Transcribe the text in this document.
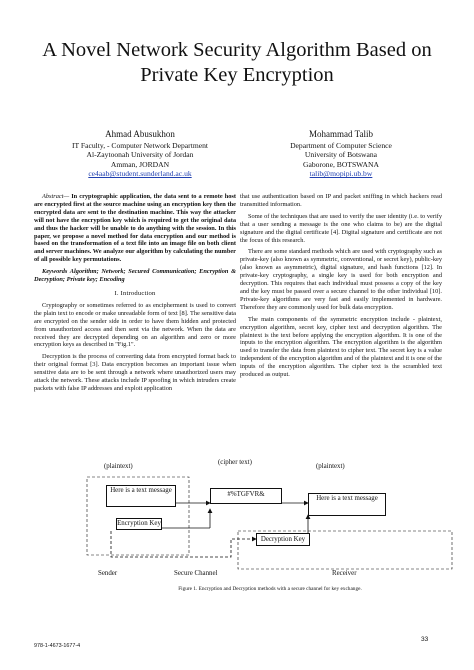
A Novel Network Security Algorithm Based on Private Key Encryption
Ahmad Abusukhon
IT Faculty, - Computer Network Department
Al-Zaytoonah University of Jordan
Amman, JORDAN
ce4aab@student.sunderland.ac.uk
Mohammad Talib
Department of Computer Science
University of Botswana
Gaborone, BOTSWANA
talib@mopipi.ub.bw

Abstract— In cryptographic application, the data sent to a remote host are encrypted first at the source machine using an encryption key then the encrypted data are sent to the destination machine. This way the attacker will not have the encryption key which is required to get the original data and thus the hacker will be unable to do anything with the session. In this paper, we propose a novel method for data encryption and our method is based on the transformation of a text file into an image file on both client and server machines. We analyze our algorithm by calculating the number of all possible key permutations.

Keywords Algorithm; Network; Secured Communication; Encryption & Decryption; Private key; Encoding

I. Introduction

Cryptography or sometimes referred to as encipherment is used to convert the plain text to encode or make unreadable form of text [8]. The sensitive data are encrypted on the sender side in order to have them hidden and protected from unauthorized access and then sent via the network. When the data are received they are decrypted depending on an algorithm and zero or more encryption keys as described in "Fig.1".

Decryption is the process of converting data from encrypted format back to their original format [3]. Data encryption becomes an important issue when sensitive data are to be sent through a network where unauthorized users may attack the network. These attacks include IP spoofing in which intruders create packets with false IP addresses and exploit application

that use authentication based on IP and packet sniffing in which hackers read transmitted information.

Some of the techniques that are used to verify the user identity (i.e. to verify that a user sending a message is the one who claims to be) are the digital signature and the digital certificate [4]. Digital signature and certificate are not the focus of this research.

There are some standard methods which are used with cryptography such as private-key (also known as symmetric, conventional, or secret key), public-key (also known as asymmetric), digital signature, and hash functions [12]. In private-key cryptography, a single key is used for both encryption and decryption. This requires that each individual must possess a copy of the key and the key must be passed over a secure channel to the other individual [10]. Private-key algorithms are very fast and easily implemented in hardware. Therefore they are commonly used for bulk data encryption.

The main components of the symmetric encryption include - plaintext, encryption algorithm, secret key, cipher text and decryption algorithm. The plaintext is the text before applying the encryption algorithm. It is one of the inputs to the encryption algorithm. The encryption algorithm is the algorithm used to transfer the data from plaintext to cipher text. The secret key is a value independent of the encryption algorithm and of the plaintext and it is one of the inputs of the encryption algorithm. The cipher text is the scrambled text produced as output.

(plaintext)
(cipher text)
(plaintext)
Here is a text message
#%TGFVR&
Here is a text message
Encryption Key
Decryption Key
Sender	Secure Channel	Receiver
Figure 1. Encryption and Decryption methods with a secure channel for key exchange.
978-1-4673-1677-4
33
